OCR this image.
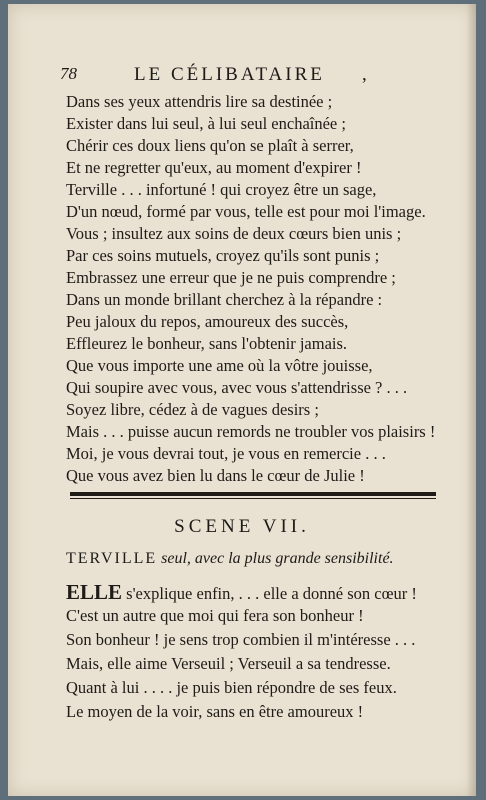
78	LE CÉLIBATAIRE ,
Dans ses yeux attendris lire sa destinée ;
Exister dans lui seul, à lui seul enchaînée ;
Chérir ces doux liens qu'on se plaît à serrer,
Et ne regretter qu'eux, au moment d'expirer !
Terville . . . infortuné ! qui croyez être un sage,
D'un nœud, formé par vous, telle est pour moi l'image.
Vous ; insultez aux soins de deux cœurs bien unis ;
Par ces soins mutuels, croyez qu'ils sont punis ;
Embrassez une erreur que je ne puis comprendre ;
Dans un monde brillant cherchez à la répandre :
Peu jaloux du repos, amoureux des succès,
Effleurez le bonheur, sans l'obtenir jamais.
Que vous importe une ame où la vôtre jouisse,
Qui soupire avec vous, avec vous s'attendrisse ? . . .
Soyez libre, cédez à de vagues desirs ;
Mais . . . puisse aucun remords ne troubler vos plaisirs !
Moi, je vous devrai tout, je vous en remercie . . .
Que vous avez bien lu dans le cœur de Julie !
SCENE VII.
TERVILLE seul, avec la plus grande sensibilité.
ELLE s'explique enfin, . . . elle a donné son cœur !
C'est un autre que moi qui fera son bonheur !
Son bonheur ! je sens trop combien il m'intéresse . . .
Mais, elle aime Verseuil ; Verseuil a sa tendresse.
Quant à lui . . . . je puis bien répondre de ses feux.
Le moyen de la voir, sans en être amoureux !
